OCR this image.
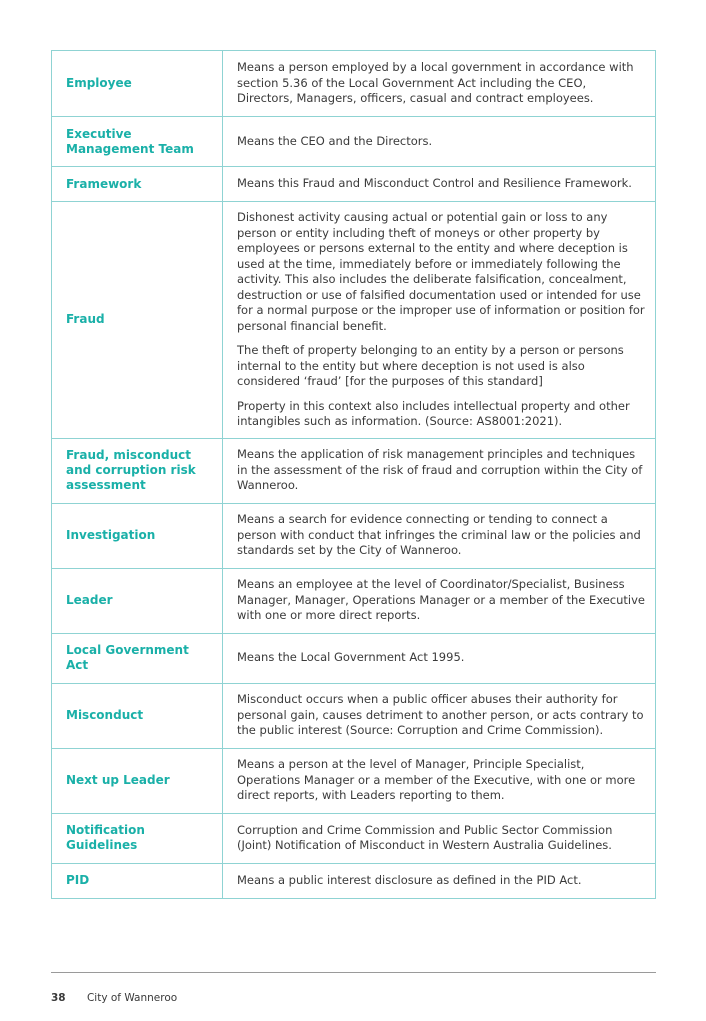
Employee	Means a person employed by a local government in accordance with section 5.36 of the Local Government Act including the CEO, Directors, Managers, officers, casual and contract employees.

Executive Management Team	Means the CEO and the Directors.

Framework	Means this Fraud and Misconduct Control and Resilience Framework.

Fraud	Dishonest activity causing actual or potential gain or loss to any person or entity including theft of moneys or other property by employees or persons external to the entity and where deception is used at the time, immediately before or immediately following the activity. This also includes the deliberate falsification, concealment, destruction or use of falsified documentation used or intended for use for a normal purpose or the improper use of information or position for personal financial benefit.

The theft of property belonging to an entity by a person or persons internal to the entity but where deception is not used is also considered ‘fraud’ [for the purposes of this standard]

Property in this context also includes intellectual property and other intangibles such as information. (Source: AS8001:2021).

Fraud, misconduct and corruption risk assessment	Means the application of risk management principles and techniques in the assessment of the risk of fraud and corruption within the City of Wanneroo.

Investigation	Means a search for evidence connecting or tending to connect a person with conduct that infringes the criminal law or the policies and standards set by the City of Wanneroo.

Leader	Means an employee at the level of Coordinator/Specialist, Business Manager, Manager, Operations Manager or a member of the Executive with one or more direct reports.

Local Government Act	Means the Local Government Act 1995.

Misconduct	Misconduct occurs when a public officer abuses their authority for personal gain, causes detriment to another person, or acts contrary to the public interest (Source: Corruption and Crime Commission).

Next up Leader	Means a person at the level of Manager, Principle Specialist, Operations Manager or a member of the Executive, with one or more direct reports, with Leaders reporting to them.

Notification Guidelines	Corruption and Crime Commission and Public Sector Commission (Joint) Notification of Misconduct in Western Australia Guidelines.

PID	Means a public interest disclosure as defined in the PID Act.

38 City of Wanneroo
